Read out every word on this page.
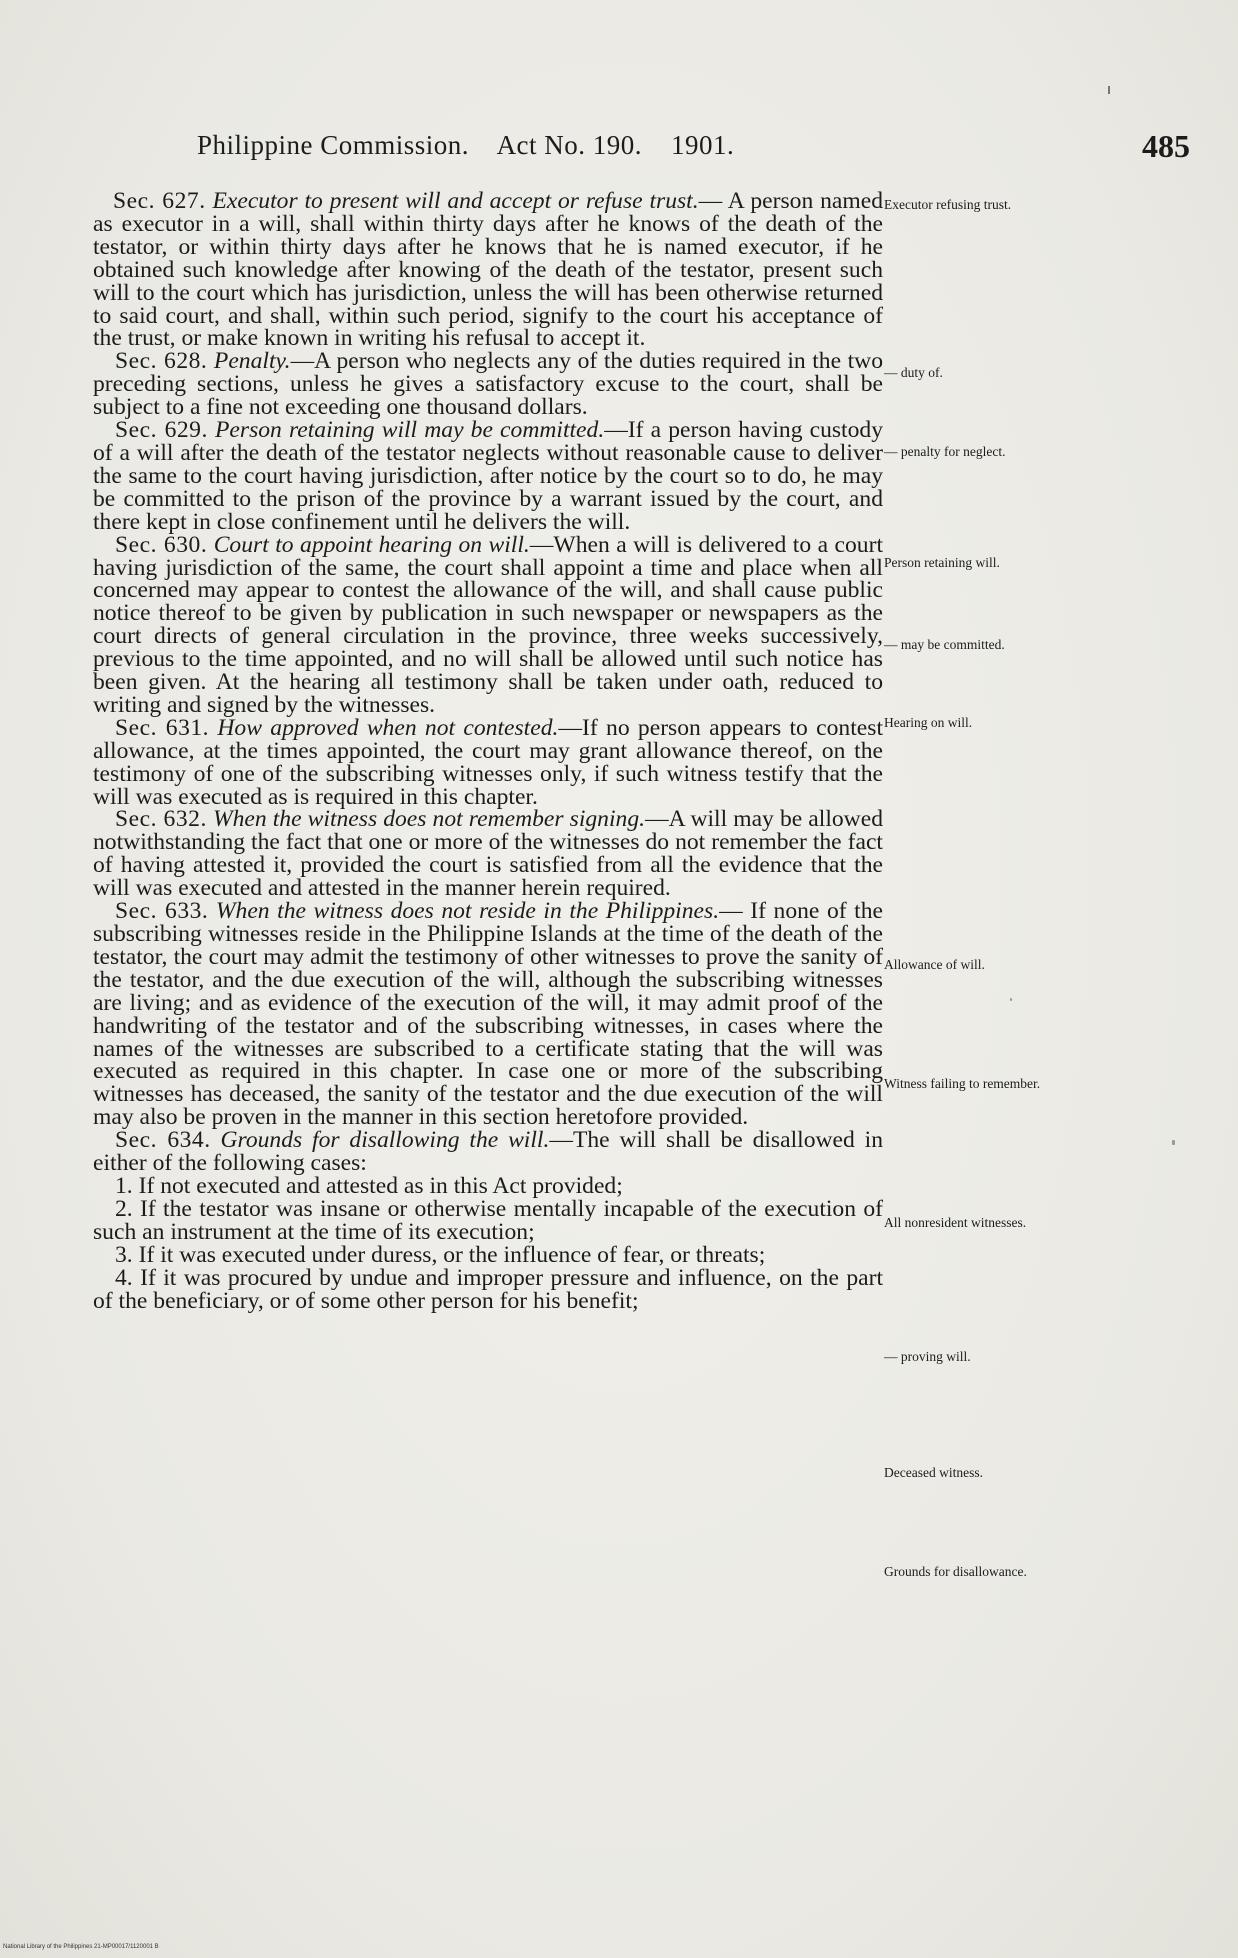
Philippine Commission. Act No. 190. 1901.	485

Sec. 627. Executor to present will and accept or refuse trust.— A person named as executor in a will, shall within thirty days after he knows of the death of the testator, or within thirty days after he knows that he is named executor, if he obtained such knowledge after knowing of the death of the testator, present such will to the court which has jurisdiction, unless the will has been otherwise returned to said court, and shall, within such period, signify to the court his acceptance of the trust, or make known in writing his refusal to accept it.

Sec. 628. Penalty.—A person who neglects any of the duties required in the two preceding sections, unless he gives a satisfactory excuse to the court, shall be subject to a fine not exceeding one thousand dollars.

Sec. 629. Person retaining will may be committed.—If a person having custody of a will after the death of the testator neglects without reasonable cause to deliver the same to the court having jurisdiction, after notice by the court so to do, he may be committed to the prison of the province by a warrant issued by the court, and there kept in close confinement until he delivers the will.

Sec. 630. Court to appoint hearing on will.—When a will is delivered to a court having jurisdiction of the same, the court shall appoint a time and place when all concerned may appear to contest the allowance of the will, and shall cause public notice thereof to be given by publication in such newspaper or newspapers as the court directs of general circulation in the province, three weeks successively, previous to the time appointed, and no will shall be allowed until such notice has been given. At the hearing all testimony shall be taken under oath, reduced to writing and signed by the witnesses.

Sec. 631. How approved when not contested.—If no person appears to contest allowance, at the times appointed, the court may grant allowance thereof, on the testimony of one of the subscribing witnesses only, if such witness testify that the will was executed as is required in this chapter.

Sec. 632. When the witness does not remember signing.—A will may be allowed notwithstanding the fact that one or more of the witnesses do not remember the fact of having attested it, provided the court is satisfied from all the evidence that the will was executed and attested in the manner herein required.

Sec. 633. When the witness does not reside in the Philippines.— If none of the subscribing witnesses reside in the Philippine Islands at the time of the death of the testator, the court may admit the testimony of other witnesses to prove the sanity of the testator, and the due execution of the will, although the subscribing witnesses are living; and as evidence of the execution of the will, it may admit proof of the handwriting of the testator and of the subscribing witnesses, in cases where the names of the witnesses are subscribed to a certificate stating that the will was executed as required in this chapter. In case one or more of the subscribing witnesses has deceased, the sanity of the testator and the due execution of the will may also be proven in the manner in this section heretofore provided.

Sec. 634. Grounds for disallowing the will.—The will shall be disallowed in either of the following cases:

1. If not executed and attested as in this Act provided;

2. If the testator was insane or otherwise mentally incapable of the execution of such an instrument at the time of its execution;

3. If it was executed under duress, or the influence of fear, or threats;

4. If it was procured by undue and improper pressure and influence, on the part of the beneficiary, or of some other person for his benefit;

Executor refusing trust.
— duty of.
— penalty for neglect.
Person retaining will.
— may be committed.
Hearing on will.
Allowance of will.
Witness failing to remember.
All nonresident witnesses.
— proving will.
Deceased witness.
Grounds for disallowance.
National Library of the Philippines 21-MP00017/1120001 B
